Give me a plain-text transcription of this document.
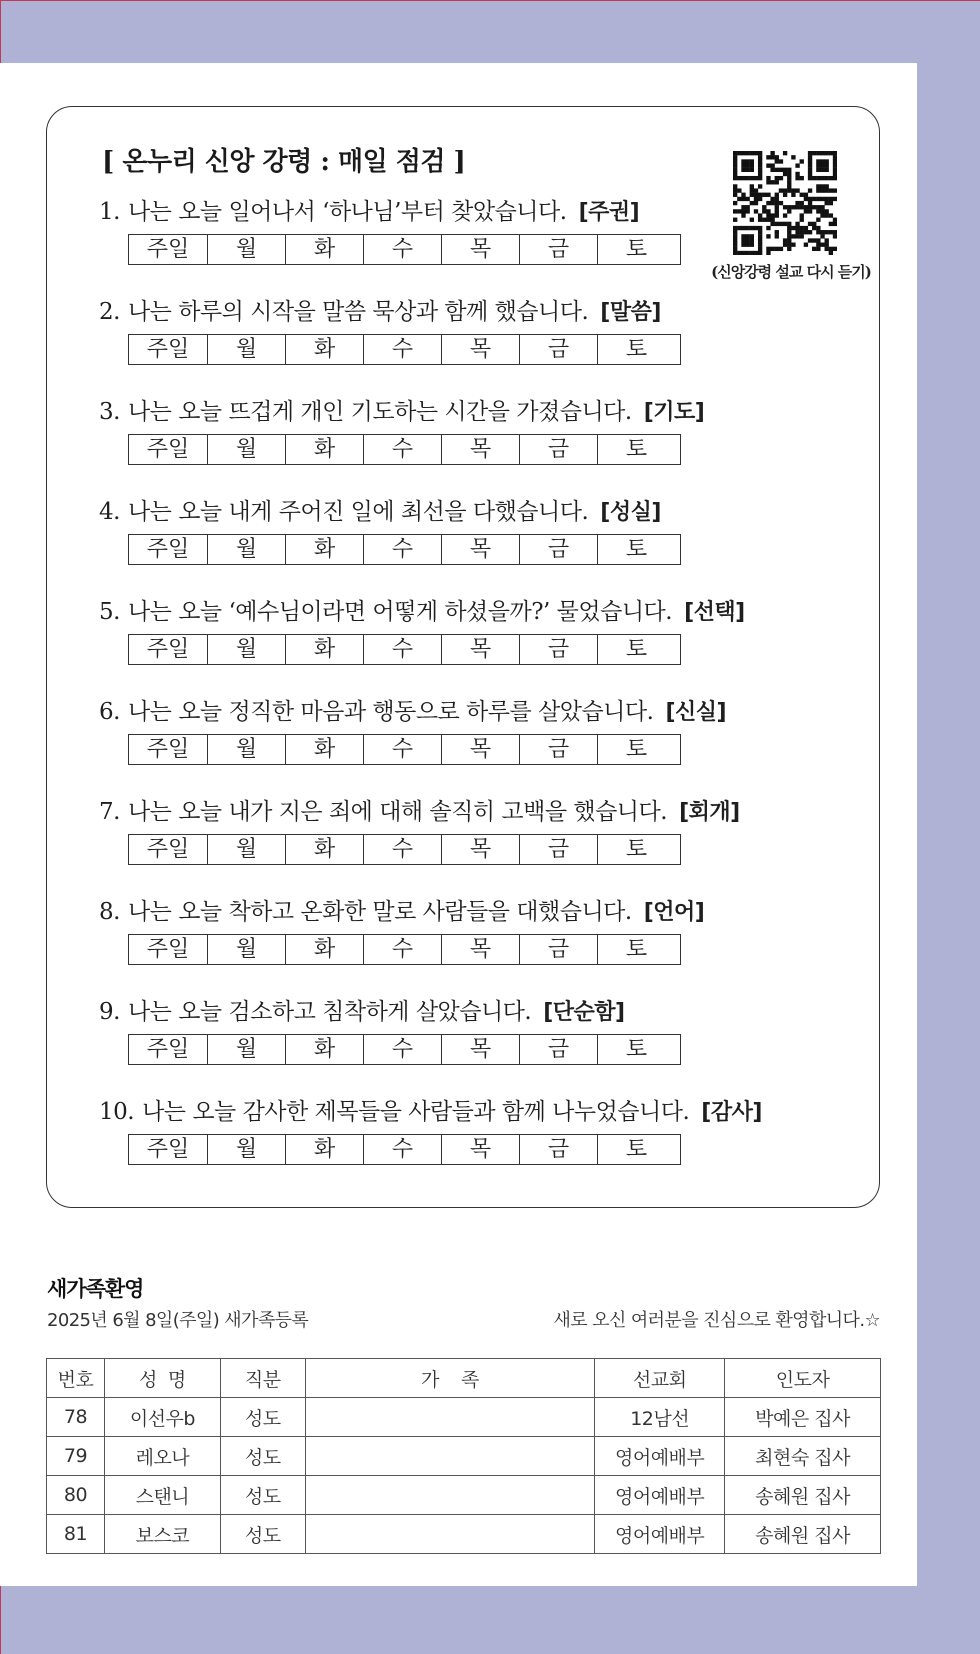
[ 온누리 신앙 강령 : 매일 점검 ]
(신앙강령 설교 다시 듣기)
1. 나는 오늘 일어나서 ‘하나님’부터 찾았습니다. [주권]
주일	월	화	수	목	금	토
2. 나는 하루의 시작을 말씀 묵상과 함께 했습니다. [말씀]
주일	월	화	수	목	금	토
3. 나는 오늘 뜨겁게 개인 기도하는 시간을 가졌습니다. [기도]
주일	월	화	수	목	금	토
4. 나는 오늘 내게 주어진 일에 최선을 다했습니다. [성실]
주일	월	화	수	목	금	토
5. 나는 오늘 ‘예수님이라면 어떻게 하셨을까?’ 물었습니다. [선택]
주일	월	화	수	목	금	토
6. 나는 오늘 정직한 마음과 행동으로 하루를 살았습니다. [신실]
주일	월	화	수	목	금	토
7. 나는 오늘 내가 지은 죄에 대해 솔직히 고백을 했습니다. [회개]
주일	월	화	수	목	금	토
8. 나는 오늘 착하고 온화한 말로 사람들을 대했습니다. [언어]
주일	월	화	수	목	금	토
9. 나는 오늘 검소하고 침착하게 살았습니다. [단순함]
주일	월	화	수	목	금	토
10. 나는 오늘 감사한 제목들을 사람들과 함께 나누었습니다. [감사]
주일	월	화	수	목	금	토
새가족환영
2025년 6월 8일(주일) 새가족등록	새로 오신 여러분을 진심으로 환영합니다.☆
번호	성  명	직분	가    족	선교회	인도자
78	이선우b	성도		12남선	박예은 집사
79	레오나	성도		영어예배부	최현숙 집사
80	스탠니	성도		영어예배부	송혜원 집사
81	보스코	성도		영어예배부	송혜원 집사
